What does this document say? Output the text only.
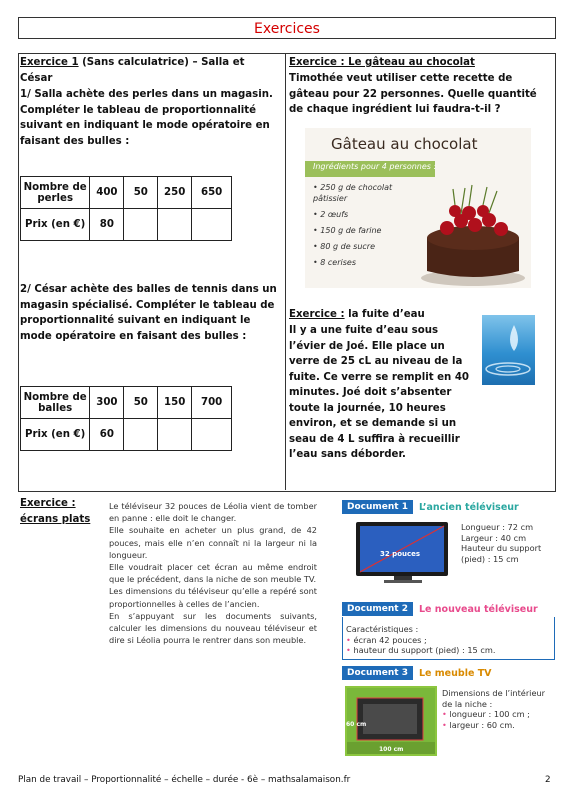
Exercices
Exercice 1 (Sans calculatrice) – Salla et César
1/ Salla achète des perles dans un magasin. Compléter le tableau de proportionnalité suivant en indiquant le mode opératoire en faisant des bulles :
Nombre de perles	400	50	250	650
Prix (en €)	80			
2/ César achète des balles de tennis dans un magasin spécialisé. Compléter le tableau de proportionnalité suivant en indiquant le mode opératoire en faisant des bulles :
Nombre de balles	300	50	150	700
Prix (en €)	60			
Exercice : Le gâteau au chocolat
Timothée veut utiliser cette recette de gâteau pour 22 personnes. Quelle quantité de chaque ingrédient lui faudra-t-il ?
Gâteau au chocolat
Ingrédients pour 4 personnes :
• 250 g de chocolat pâtissier
• 2 œufs
• 150 g de farine
• 80 g de sucre
• 8 cerises
Exercice : la fuite d’eau
Il y a une fuite d’eau sous l’évier de Joé. Elle place un verre de 25 cL au niveau de la fuite. Ce verre se remplit en 40 minutes. Joé doit s’absenter toute la journée, 10 heures environ, et se demande si un seau de 4 L suffira à recueillir l’eau sans déborder.
Exercice :
écrans plats
Le téléviseur 32 pouces de Léolia vient de tomber en panne : elle doit le changer.
Elle souhaite en acheter un plus grand, de 42 pouces, mais elle n’en connaît ni la largeur ni la longueur.
Elle voudrait placer cet écran au même endroit que le précédent, dans la niche de son meuble TV.
Les dimensions du téléviseur qu’elle a repéré sont proportionnelles à celles de l’ancien.
En s’appuyant sur les documents suivants, calculer les dimensions du nouveau téléviseur et dire si Léolia pourra le rentrer dans son meuble.
Document 1	L’ancien téléviseur
32 pouces
Longueur : 72 cm
Largeur : 40 cm
Hauteur du support (pied) : 15 cm
Document 2	Le nouveau téléviseur
Caractéristiques :
• écran 42 pouces ;
• hauteur du support (pied) : 15 cm.
Document 3	Le meuble TV
60 cm
100 cm
Dimensions de l’intérieur de la niche :
• longueur : 100 cm ;
• largeur : 60 cm.
Plan de travail – Proportionnalité – échelle – durée - 6è – mathsalamaison.fr	2
